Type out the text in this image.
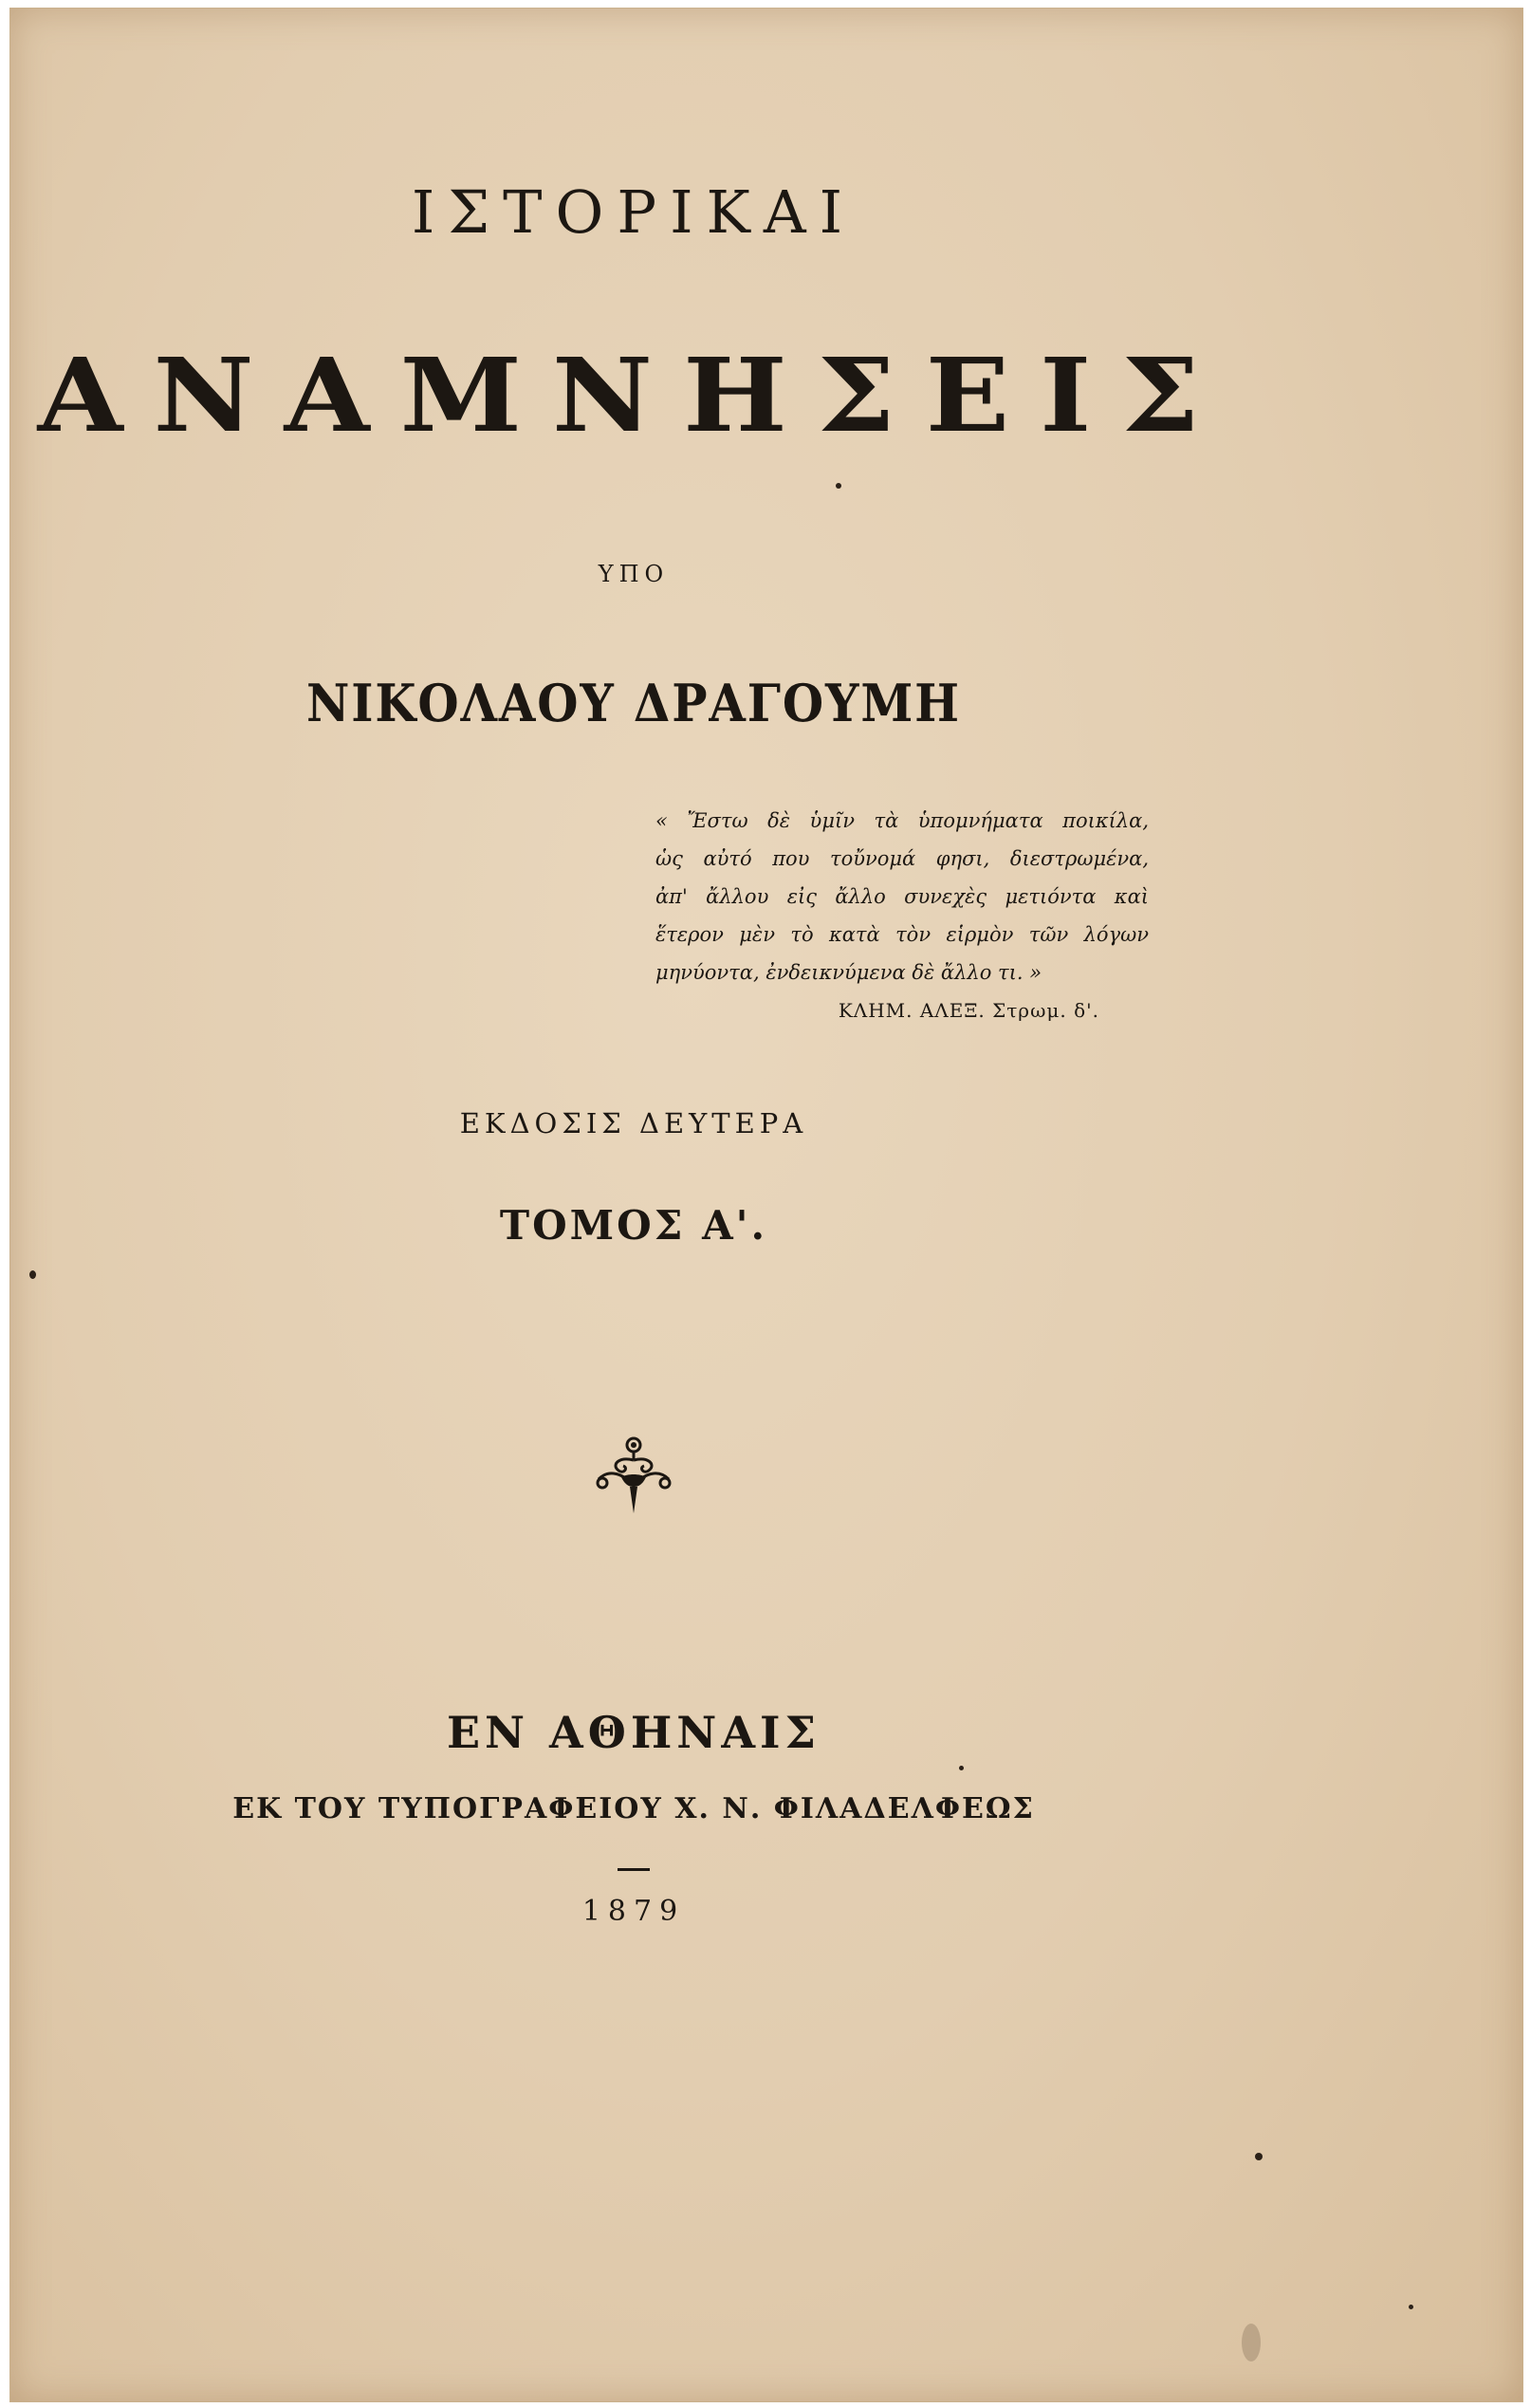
ΙΣΤΟΡΙΚΑΙ
ΑΝΑΜΝΗΣΕΙΣ
ΥΠΟ
ΝΙΚΟΛΑΟΥ ΔΡΑΓΟΥΜΗ
« Ἔστω δὲ ὑμῖν τὰ ὑπομνήματα ποικίλα,
ὡς αὐτό που τοὔνομά φησι, διεστρωμένα,
ἀπ' ἄλλου εἰς ἄλλο συνεχὲς μετιόντα καὶ
ἕτερον μὲν τὸ κατὰ τὸν εἱρμὸν τῶν λόγων
μηνύοντα, ἐνδεικνύμενα δὲ ἄλλο τι. »
ΚΛΗΜ. ΑΛΕΞ. Στρωμ. δ'.
ΕΚΔΟΣΙΣ ΔΕΥΤΕΡΑ
ΤΟΜΟΣ Α'.
ΕΝ ΑΘΗΝΑΙΣ
ΕΚ ΤΟΥ ΤΥΠΟΓΡΑΦΕΙΟΥ Χ. Ν. ΦΙΛΑΔΕΛΦΕΩΣ
1879
